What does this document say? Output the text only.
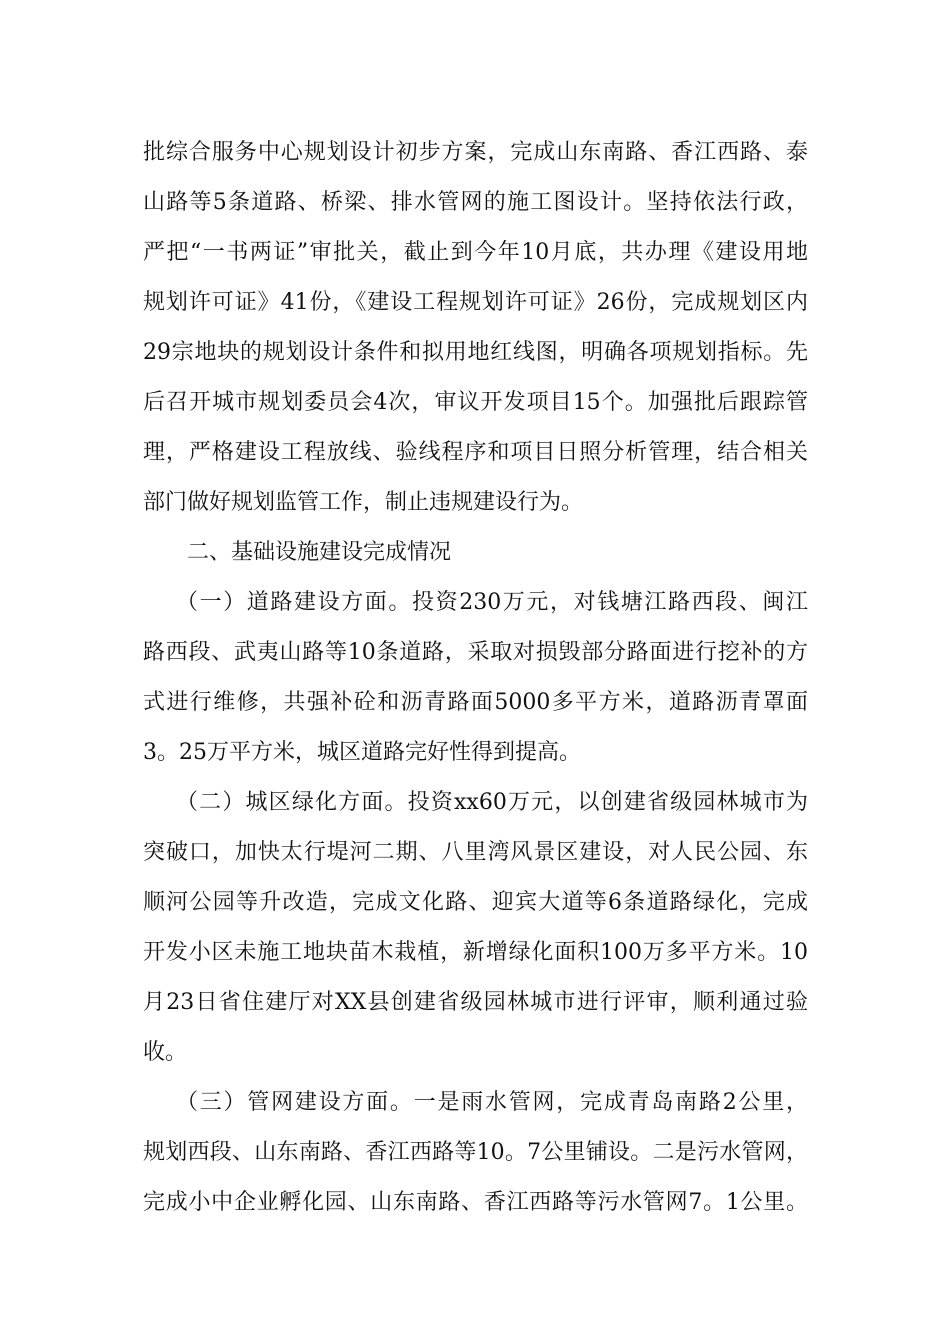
批综合服务中心规划设计初步方案，完成山东南路、香江西路、泰
山路等5条道路、桥梁、排水管网的施工图设计。坚持依法行政，
严把“一书两证”审批关，截止到今年10月底，共办理《建设用地
规划许可证》41份，《建设工程规划许可证》26份，完成规划区内
29宗地块的规划设计条件和拟用地红线图，明确各项规划指标。先
后召开城市规划委员会4次，审议开发项目15个。加强批后跟踪管
理，严格建设工程放线、验线程序和项目日照分析管理，结合相关
部门做好规划监管工作，制止违规建设行为。
二、基础设施建设完成情况
（一）道路建设方面。投资230万元，对钱塘江路西段、闽江
路西段、武夷山路等10条道路，采取对损毁部分路面进行挖补的方
式进行维修，共强补砼和沥青路面5000多平方米，道路沥青罩面
3。25万平方米，城区道路完好性得到提高。
（二）城区绿化方面。投资xx60万元，以创建省级园林城市为
突破口，加快太行堤河二期、八里湾风景区建设，对人民公园、东
顺河公园等升改造，完成文化路、迎宾大道等6条道路绿化，完成
开发小区未施工地块苗木栽植，新增绿化面积100万多平方米。10
月23日省住建厅对XX县创建省级园林城市进行评审，顺利通过验
收。
（三）管网建设方面。一是雨水管网，完成青岛南路2公里，
规划西段、山东南路、香江西路等10。7公里铺设。二是污水管网，
完成小中企业孵化园、山东南路、香江西路等污水管网7。1公里。
